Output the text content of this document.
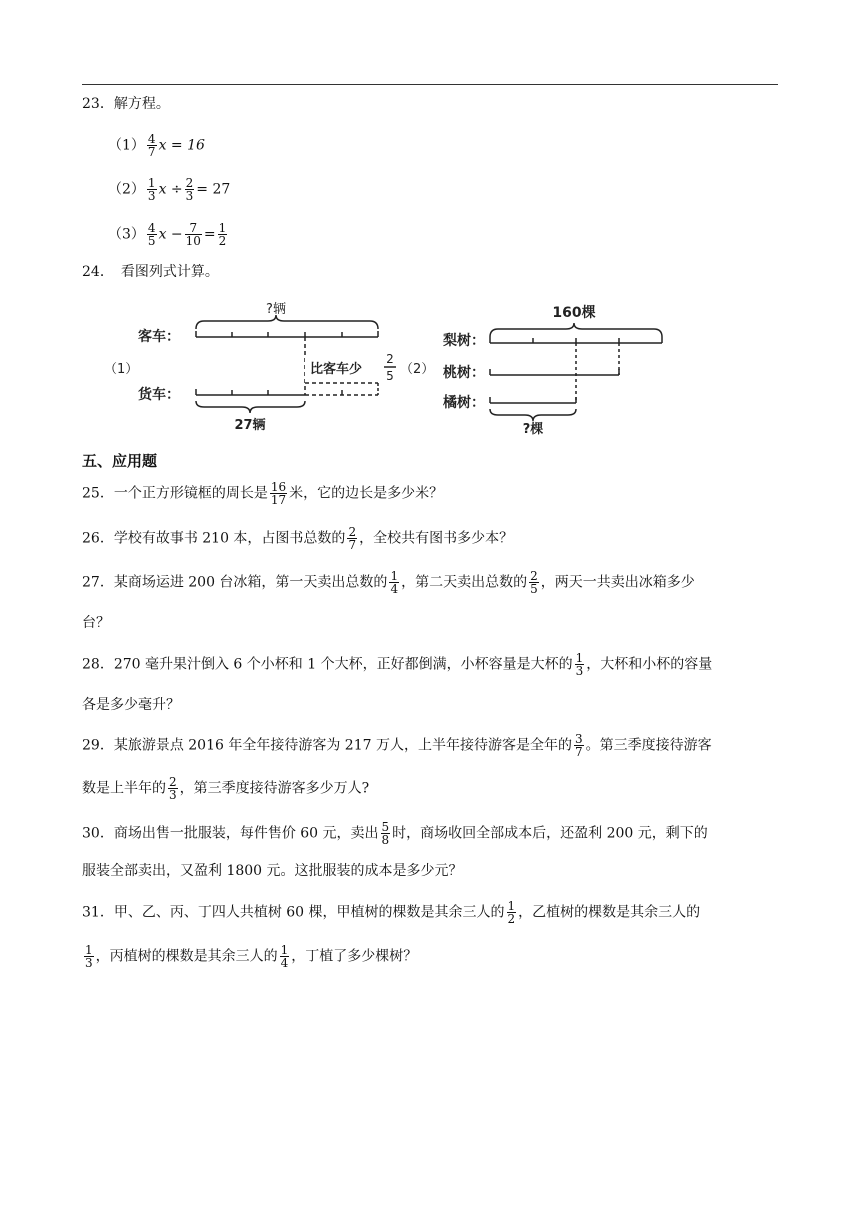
23．解方程。
$(1) \frac{4}{7}$ x = 16
$(2) \frac{1}{3}$ $x \div \frac{2}{3} = 27$
$(3) \frac{4}{5}$ $x - \frac{7}{10} = \frac{1}{2}$
24．　看图列式计算。
（1）
?辆
客车：
比客车少
2
5
货车：
27辆
（2）
160棵
梨树：
桃树：
橘树：
?棵
五、应用题
25．一个正方形镜框的周长是 $\frac{16}{17}$ 米，它的边长是多少米？
26．学校有故事书 210 本，占图书总数的 $\frac{2}{7}$ ，全校共有图书多少本？
27．某商场运进 200 台冰箱，第一天卖出总数的 $\frac{1}{4}$ ，第二天卖出总数的 $\frac{2}{5}$ ，两天一共卖出冰箱多少
台？
28．270 毫升果汁倒入 6 个小杯和 1 个大杯，正好都倒满，小杯容量是大杯的 $\frac{1}{3}$ ，大杯和小杯的容量
各是多少毫升？
29．某旅游景点 2016 年全年接待游客为 217 万人，上半年接待游客是全年的 $\frac{3}{7}$ 。第三季度接待游客
数是上半年的 $\frac{2}{3}$ ，第三季度接待游客多少万人?
30．商场出售一批服装，每件售价 60 元，卖出 $\frac{5}{8}$ 时，商场收回全部成本后，还盈利 200 元，剩下的
服装全部卖出，又盈利 1800 元。这批服装的成本是多少元？
31．甲、乙、丙、丁四人共植树 60 棵，甲植树的棵数是其余三人的 $\frac{1}{2}$ ，乙植树的棵数是其余三人的
$\frac{1}{3}$ ，丙植树的棵数是其余三人的 $\frac{1}{4}$ ，丁植了多少棵树？
